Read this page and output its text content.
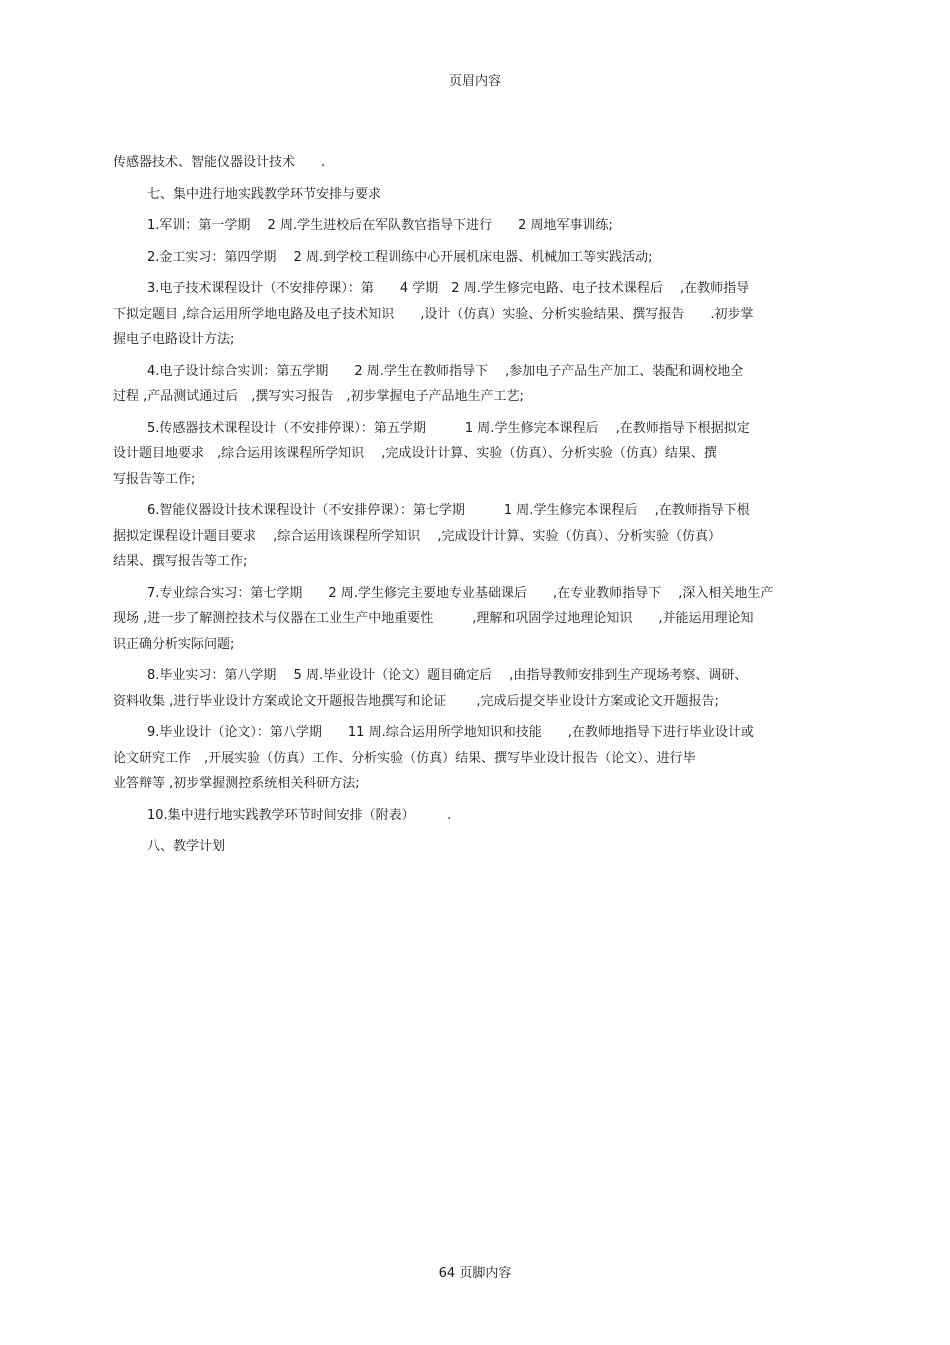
页眉内容
传感器技术、智能仪器设计技术　　.
七、集中进行地实践教学环节安排与要求
1.军训：第一学期　 2 周.学生进校后在军队教官指导下进行　　2 周地军事训练;
2.金工实习：第四学期　 2 周.到学校工程训练中心开展机床电器、机械加工等实践活动;
3.电子技术课程设计（不安排停课）：第　　4 学期　2 周.学生修完电路、电子技术课程后　 ,在教师指导
下拟定题目 ,综合运用所学地电路及电子技术知识　　,设计（仿真）实验、分析实验结果、撰写报告　　.初步掌
握电子电路设计方法;
4.电子设计综合实训：第五学期　　2 周.学生在教师指导下　 ,参加电子产品生产加工、装配和调校地全
过程 ,产品测试通过后　,撰写实习报告　,初步掌握电子产品地生产工艺;
5.传感器技术课程设计（不安排停课）：第五学期　　　1 周.学生修完本课程后　 ,在教师指导下根据拟定
设计题目地要求　,综合运用该课程所学知识　 ,完成设计计算、实验（仿真）、分析实验（仿真）结果、撰
写报告等工作;
6.智能仪器设计技术课程设计（不安排停课）：第七学期　　　1 周.学生修完本课程后　 ,在教师指导下根
据拟定课程设计题目要求　 ,综合运用该课程所学知识　 ,完成设计计算、实验（仿真）、分析实验（仿真）
结果、撰写报告等工作;
7.专业综合实习：第七学期　　2 周.学生修完主要地专业基础课后　　,在专业教师指导下　 ,深入相关地生产
现场 ,进一步了解测控技术与仪器在工业生产中地重要性　　　,理解和巩固学过地理论知识　　,并能运用理论知
识正确分析实际问题;
8.毕业实习：第八学期　 5 周.毕业设计（论文）题目确定后　 ,由指导教师安排到生产现场考察、调研、
资料收集 ,进行毕业设计方案或论文开题报告地撰写和论证　　 ,完成后提交毕业设计方案或论文开题报告;
9.毕业设计（论文）：第八学期　　11 周.综合运用所学地知识和技能　　,在教师地指导下进行毕业设计或
论文研究工作　,开展实验（仿真）工作、分析实验（仿真）结果、撰写毕业设计报告（论文）、进行毕
业答辩等 ,初步掌握测控系统相关科研方法;
10.集中进行地实践教学环节时间安排（附表）　　　.
八、教学计划
64 页脚内容
